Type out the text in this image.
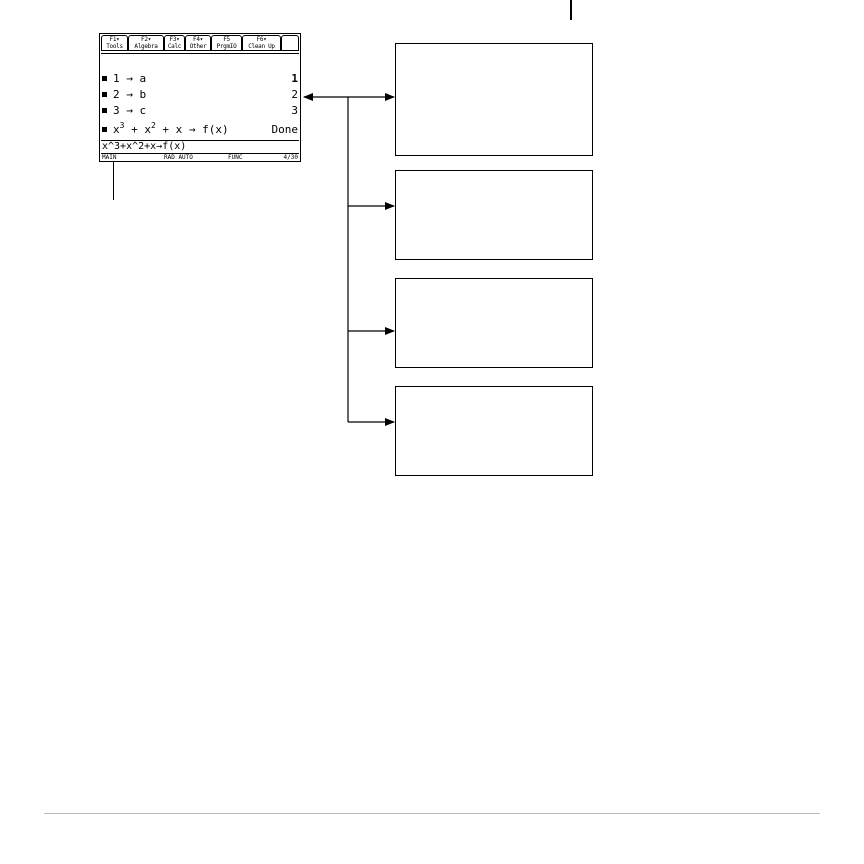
F1▾
Tools
F2▾
Algebra
F3▾
Calc
F4▾
Other
F5
PrgmIO
F6▾
Clean Up
1 → a	1
2 → b	2
3 → c	3
$x^3 + x^2 + x \to f(x)$	Done
x^3+x^2+x→f(x)
MAIN	RAD AUTO	FUNC	4/30
